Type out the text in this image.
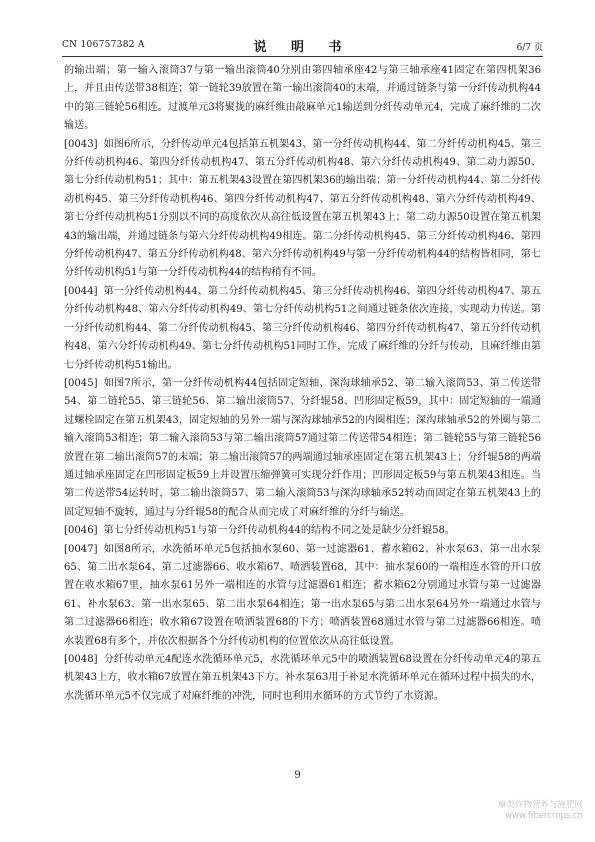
CN 106757382 A	说 明 书	6/7 页

的输出端；第一输入滚筒37与第一输出滚筒40分别由第四轴承座42与第三轴承座41固定在第四机架36上，并且由传送带38相连；第一链轮39放置在第一输出滚筒40的末端，并通过链条与第一分纤传动机构44中的第三链轮56相连。过渡单元3将聚拢的麻纤维由敲麻单元1输送到分纤传动单元4，完成了麻纤维的二次输送。

[0043] 如图6所示，分纤传动单元4包括第五机架43、第一分纤传动机构44、第二分纤传动机构45、第三分纤传动机构46、第四分纤传动机构47、第五分纤传动机构48、第六分纤传动机构49、第二动力源50、第七分纤传动机构51；其中：第五机架43设置在第四机架36的输出端；第一分纤传动机构44、第二分纤传动机构45、第三分纤传动机构46、第四分纤传动机构47、第五分纤传动机构48、第六分纤传动机构49、第七分纤传动机构51分别以不同的高度依次从高往低设置在第五机架43上；第二动力源50设置在第五机架43的输出端，并通过链条与第六分纤传动机构49相连。第二分纤传动机构45、第三分纤传动机构46、第四分纤传动机构47、第五分纤传动机构48、第六分纤传动机构49与第一分纤传动机构44的结构皆相同，第七分纤传动机构51与第一分纤传动机构44的结构稍有不同。

[0044] 第一分纤传动机构44、第二分纤传动机构45、第三分纤传动机构46、第四分纤传动机构47、第五分纤传动机构48、第六分纤传动机构49、第七分纤传动机构51之间通过链条依次连接，实现动力传送。第一分纤传动机构44、第二分纤传动机构45、第三分纤传动机构46、第四分纤传动机构47、第五分纤传动机构48、第六分纤传动机构49、第七分纤传动机构51同时工作，完成了麻纤维的分纤与传动，且麻纤维由第七分纤传动机构51输出。

[0045] 如图7所示，第一分纤传动机构44包括固定短轴、深沟球轴承52、第二输入滚筒53、第二传送带54、第二链轮55、第三链轮56、第二输出滚筒57、分纤辊58、凹形固定板59，其中：固定短轴的一端通过螺栓固定在第五机架43，固定短轴的另外一端与深沟球轴承52的内圈相连；深沟球轴承52的外圈与第二输入滚筒53相连；第二输入滚筒53与第二输出滚筒57通过第二传送带54相连；第二链轮55与第三链轮56放置在第二输出滚筒57的末端；第二输出滚筒57的两端通过轴承座固定在第五机架43上；分纤辊58的两端通过轴承座固定在凹形固定板59上并设置压缩弹簧可实现分纤作用；凹形固定板59与第五机架43相连。当第二传送带54运转时，第二输出滚筒57、第二输入滚筒53与深沟球轴承52转动而固定在第五机架43上的固定短轴不旋转，通过与分纤辊58的配合从而完成了对麻纤维的分纤与输送。

[0046] 第七分纤传动机构51与第一分纤传动机构44的结构不同之处是缺少分纤辊58。

[0047] 如图8所示，水洗循环单元5包括抽水泵60、第一过滤器61、蓄水箱62、补水泵63、第一出水泵65、第二出水泵64、第二过滤器66、收水箱67、喷洒装置68，其中：抽水泵60的一端相连水管的开口放置在收水箱67里，抽水泵61另外一端相连的水管与过滤器61相连；蓄水箱62分别通过水管与第一过滤器61、补水泵63、第一出水泵65、第二出水泵64相连；第一出水泵65与第二出水泵64另外一端通过水管与第二过滤器66相连；收水箱67设置在喷洒装置68的下方；喷洒装置68通过水管与第二过滤器66相连。喷水装置68有多个，并依次根据各个分纤传动机构的位置依次从高往低设置。

[0048] 分纤传动单元4配连水洗循环单元5，水洗循环单元5中的喷洒装置68设置在分纤传动单元4的第五机架43上方，收水箱67放置在第五机架43下方。补水泵63用于补足水洗循环单元在循环过程中损失的水，水洗循环单元5不仅完成了对麻纤维的冲洗，同时也利用水循环的方式节约了水资源。

9
麻类作物营养与施肥网
www.fibercrops.cn
